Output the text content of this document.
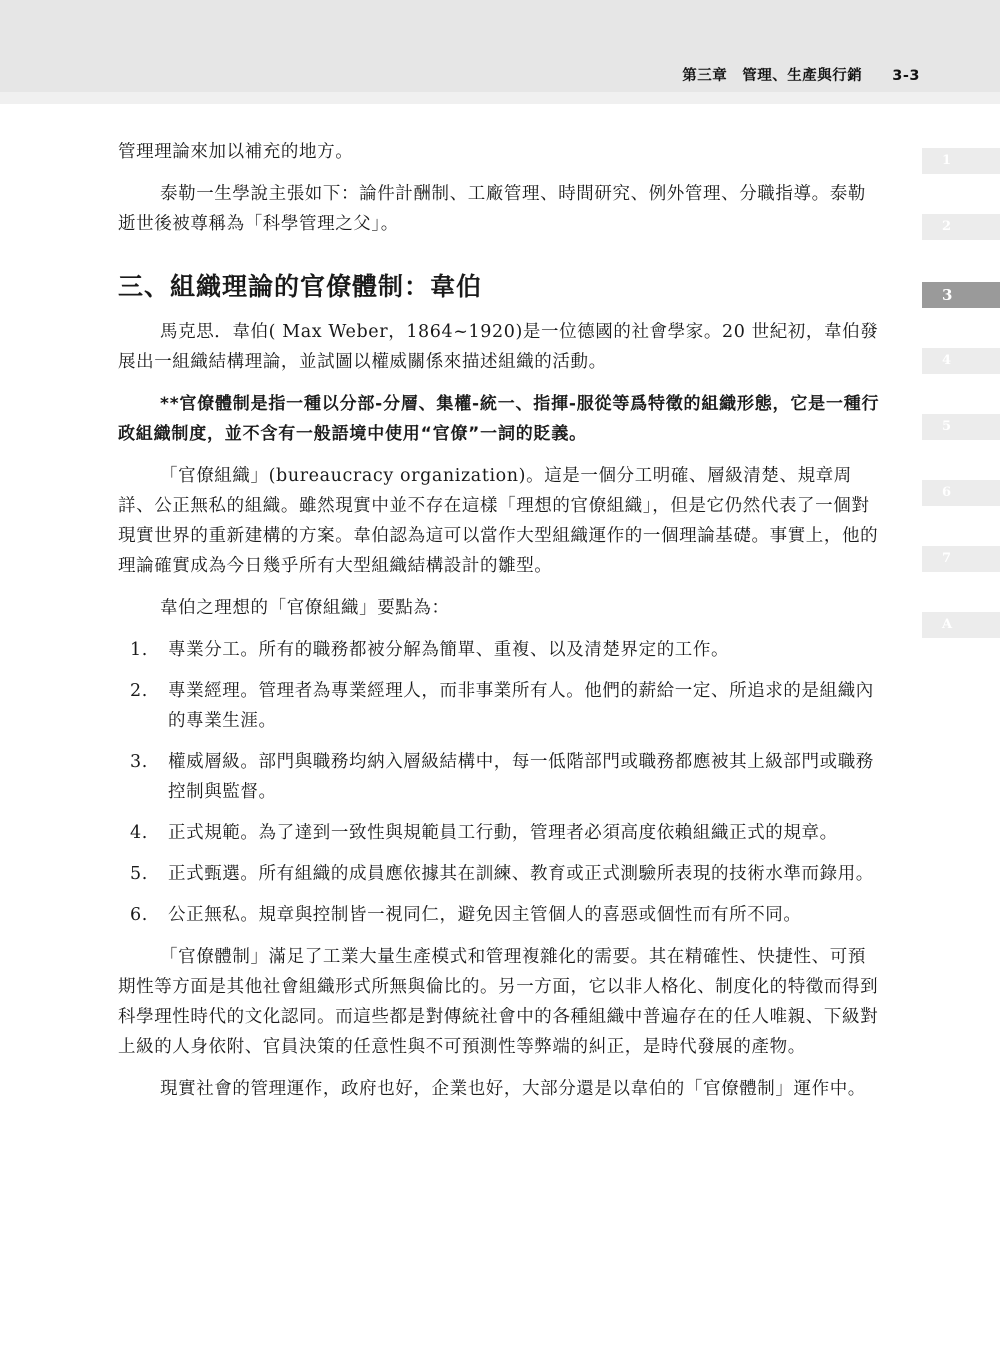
第三章　管理、生產與行銷 3-3
1
2
3
4
5
6
7
A

管理理論來加以補充的地方。

泰勒一生學說主張如下：論件計酬制、工廠管理、時間研究、例外管理、分職指導。泰勒逝世後被尊稱為「科學管理之父」。

三、組織理論的官僚體制：韋伯

馬克思．韋伯( Max Weber，1864~1920)是一位德國的社會學家。20 世紀初，韋伯發展出一組織結構理論，並試圖以權威關係來描述組織的活動。

**官僚體制是指一種以分部-分層、集權-統一、指揮-服從等爲特徵的組織形態，它是一種行政組織制度，並不含有一般語境中使用“官僚”一詞的貶義。

「官僚組織」(bureaucracy organization)。這是一個分工明確、層級清楚、規章周詳、公正無私的組織。雖然現實中並不存在這樣「理想的官僚組織」，但是它仍然代表了一個對現實世界的重新建構的方案。韋伯認為這可以當作大型組織運作的一個理論基礎。事實上，他的理論確實成為今日幾乎所有大型組織結構設計的雛型。

韋伯之理想的「官僚組織」要點為：

1. 專業分工。所有的職務都被分解為簡單、重複、以及清楚界定的工作。
2. 專業經理。管理者為專業經理人，而非事業所有人。他們的薪給一定、所追求的是組織內的專業生涯。
3. 權威層級。部門與職務均納入層級結構中，每一低階部門或職務都應被其上級部門或職務控制與監督。
4. 正式規範。為了達到一致性與規範員工行動，管理者必須高度依賴組織正式的規章。
5. 正式甄選。所有組織的成員應依據其在訓練、教育或正式測驗所表現的技術水準而錄用。
6. 公正無私。規章與控制皆一視同仁，避免因主管個人的喜惡或個性而有所不同。

「官僚體制」滿足了工業大量生產模式和管理複雜化的需要。其在精確性、快捷性、可預期性等方面是其他社會組織形式所無與倫比的。另一方面，它以非人格化、制度化的特徵而得到科學理性時代的文化認同。而這些都是對傳統社會中的各種組織中普遍存在的任人唯親、下級對上級的人身依附、官員決策的任意性與不可預測性等弊端的糾正，是時代發展的產物。

現實社會的管理運作，政府也好，企業也好，大部分還是以韋伯的「官僚體制」運作中。
